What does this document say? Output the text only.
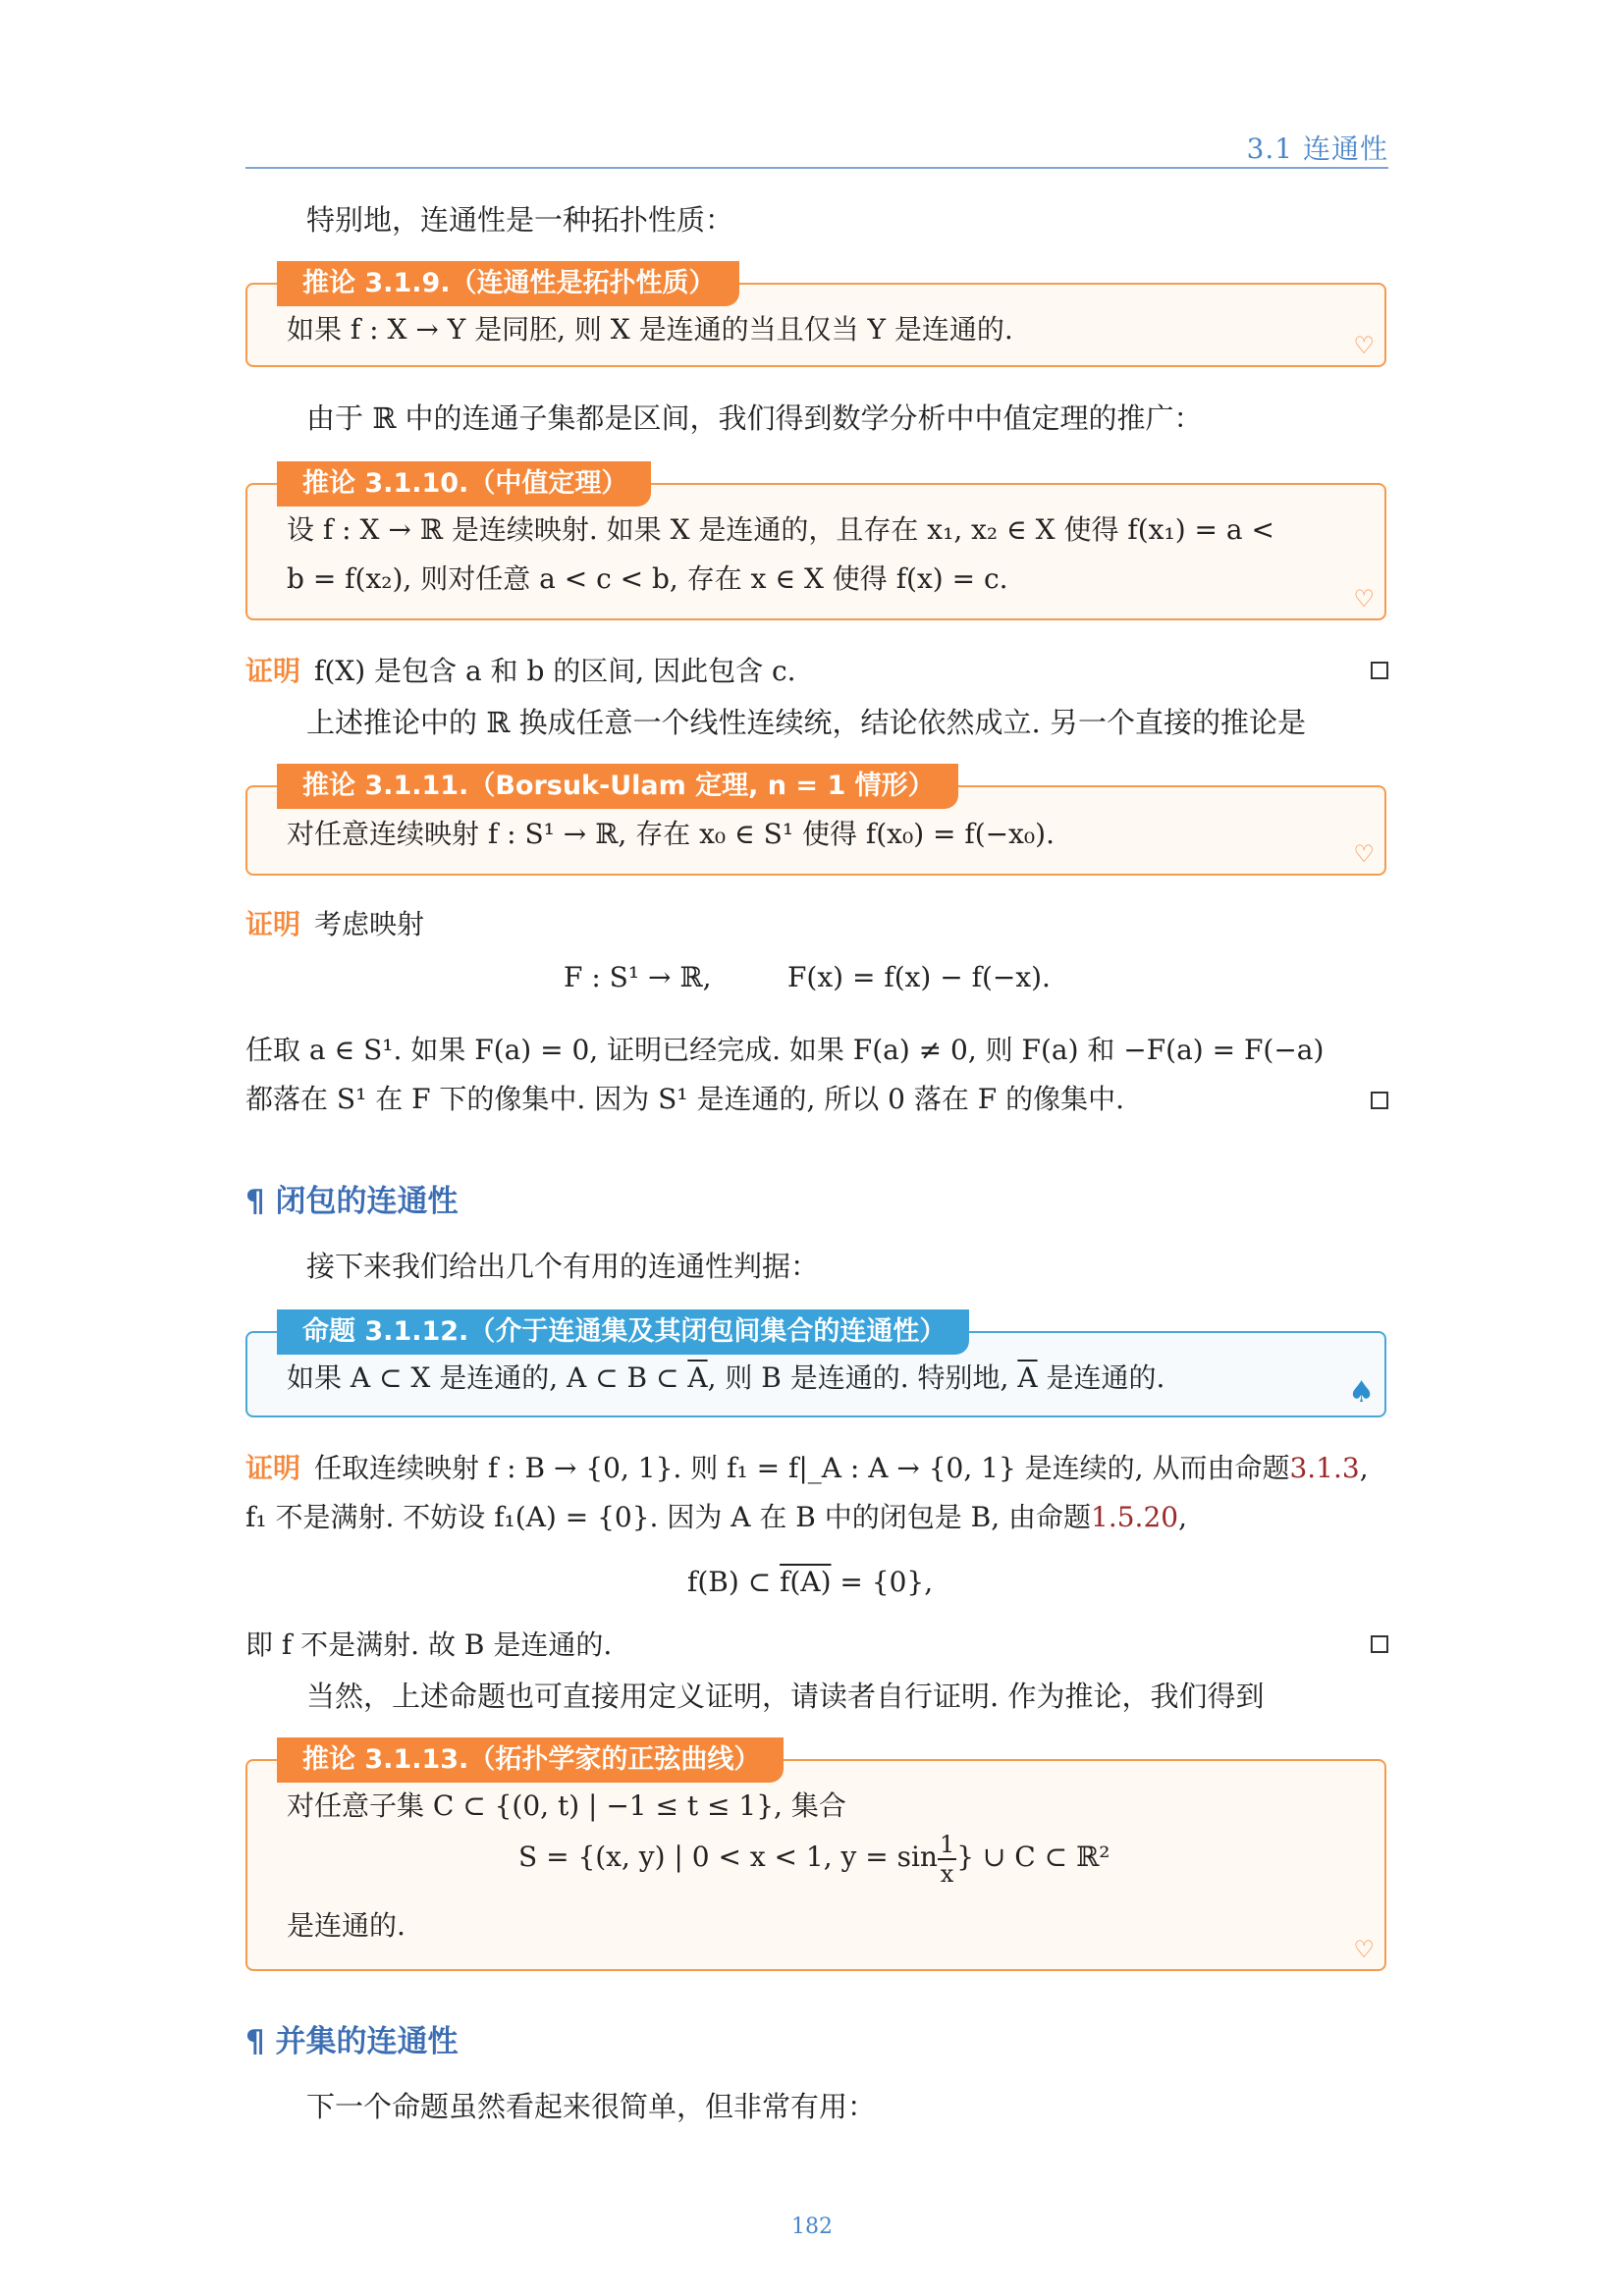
3.1 连通性
特别地，连通性是一种拓扑性质：
推论 3.1.9.（连通性是拓扑性质）
如果 f : X → Y 是同胚, 则 X 是连通的当且仅当 Y 是连通的.	♡
由于 ℝ 中的连通子集都是区间，我们得到数学分析中中值定理的推广：
推论 3.1.10.（中值定理）
设 f : X → ℝ 是连续映射. 如果 X 是连通的，且存在 x₁, x₂ ∈ X 使得 f(x₁) = a <
b = f(x₂), 则对任意 a < c < b, 存在 x ∈ X 使得 f(x) = c.
♡
证明 f(X) 是包含 a 和 b 的区间, 因此包含 c.
上述推论中的 ℝ 换成任意一个线性连续统，结论依然成立. 另一个直接的推论是
推论 3.1.11.（Borsuk-Ulam 定理, n = 1 情形）
对任意连续映射 f : S¹ → ℝ, 存在 x₀ ∈ S¹ 使得 f(x₀) = f(−x₀).
♡
证明 考虑映射
F : S¹ → ℝ,	F(x) = f(x) − f(−x).
任取 a ∈ S¹. 如果 F(a) = 0, 证明已经完成. 如果 F(a) ≠ 0, 则 F(a) 和 −F(a) = F(−a)
都落在 S¹ 在 F 下的像集中. 因为 S¹ 是连通的, 所以 0 落在 F 的像集中.
¶ 闭包的连通性
接下来我们给出几个有用的连通性判据：
命题 3.1.12.（介于连通集及其闭包间集合的连通性）
如果 A ⊂ X 是连通的, A ⊂ B ⊂ $\overline{A}$, 则 B 是连通的. 特别地, $\overline{A}$ 是连通的.	♠
证明 任取连续映射 f : B → {0, 1}. 则 f₁ = f|_A : A → {0, 1} 是连续的, 从而由命题3.1.3,
f₁ 不是满射. 不妨设 f₁(A) = {0}. 因为 A 在 B 中的闭包是 B, 由命题1.5.20,
f(B) ⊂ f(A) = {0},
即 f 不是满射. 故 B 是连通的.
当然，上述命题也可直接用定义证明，请读者自行证明. 作为推论，我们得到
推论 3.1.13.（拓扑学家的正弦曲线）
对任意子集 C ⊂ {(0, t) | −1 ≤ t ≤ 1}, 集合
S = {(x, y) | 0 < x < 1, $y = \sin \frac{1}{x}$ } ∪ C ⊂ ℝ²
是连通的.
♡
¶ 并集的连通性
下一个命题虽然看起来很简单，但非常有用：
182
